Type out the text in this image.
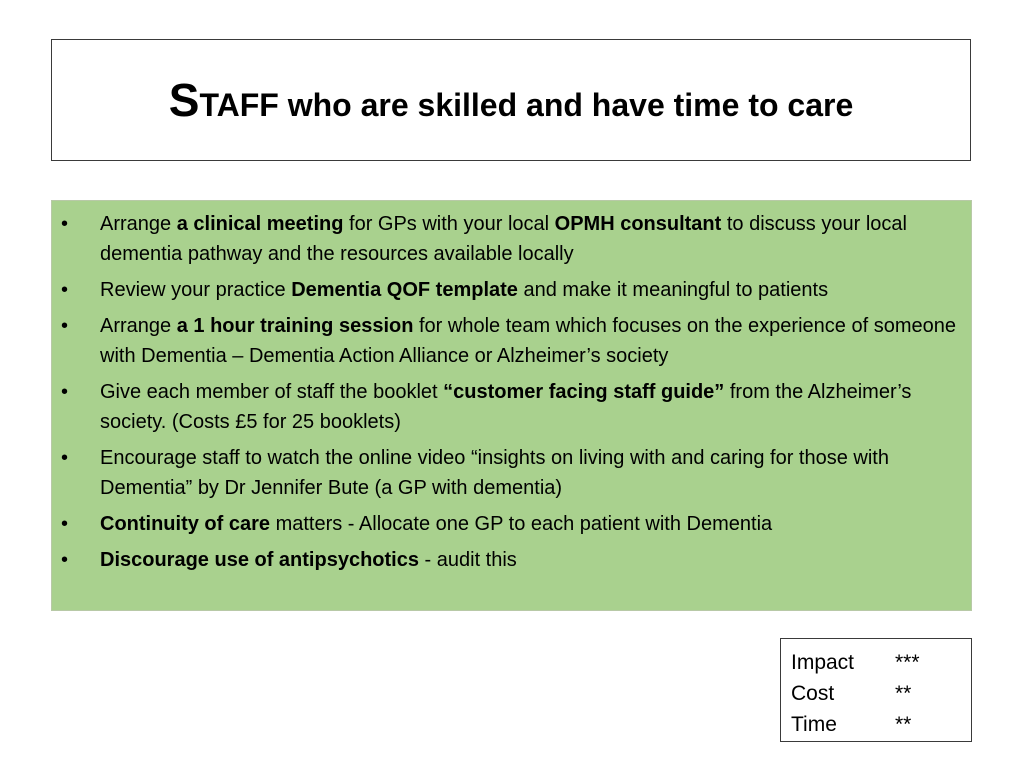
STAFF who are skilled and have time to care
• Arrange a clinical meeting for GPs with your local OPMH consultant to discuss your local dementia pathway and the resources available locally
• Review your practice Dementia QOF template and make it meaningful to patients
• Arrange a 1 hour training session for whole team which focuses on the experience of someone with Dementia – Dementia Action Alliance or Alzheimer’s society
• Give each member of staff the booklet “customer facing staff guide” from the Alzheimer’s society. (Costs £5 for 25 booklets)
• Encourage staff to watch the online video “insights on living with and caring for those with Dementia” by Dr Jennifer Bute (a GP with dementia)
• Continuity of care matters - Allocate one GP to each patient with Dementia
• Discourage use of antipsychotics - audit this
Impact	***
Cost	**
Time	**
